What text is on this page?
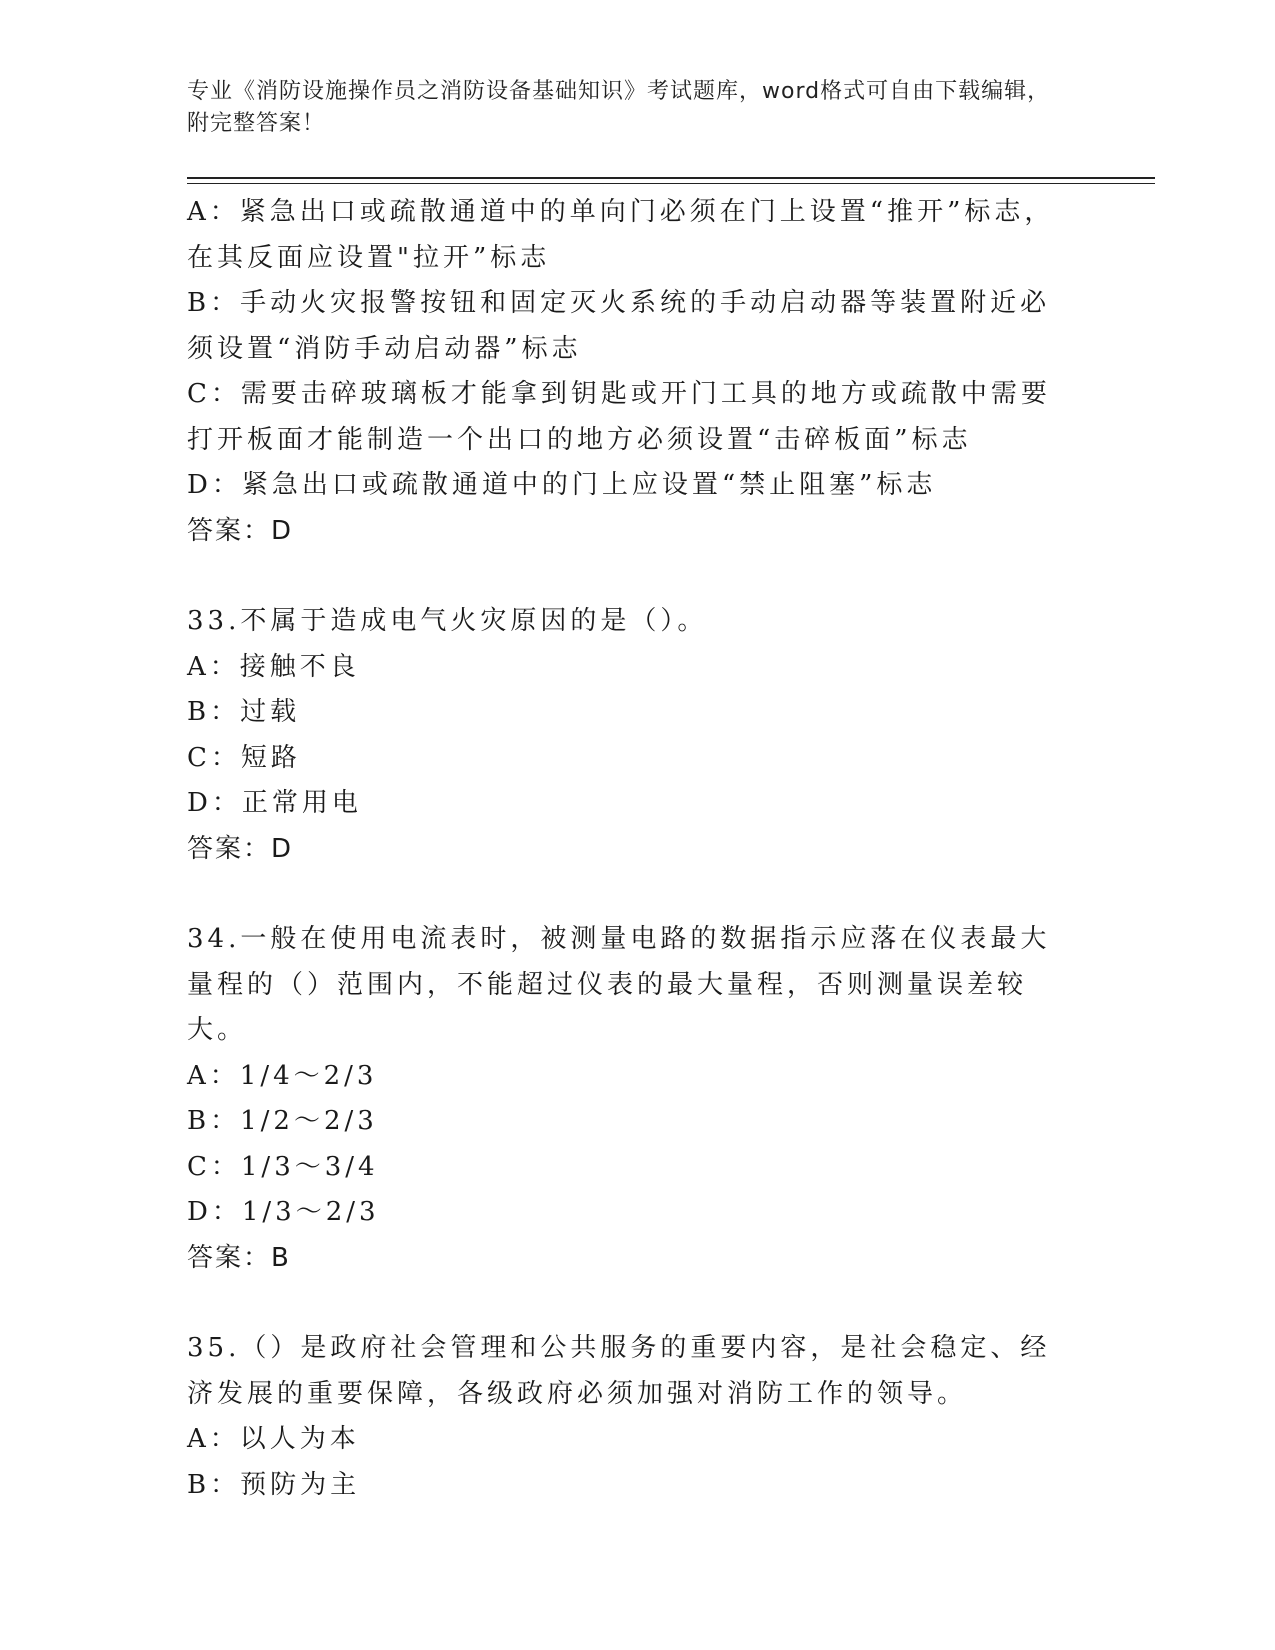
专业《消防设施操作员之消防设备基础知识》考试题库，word格式可自由下载编辑，附完整答案！

A：紧急出口或疏散通道中的单向门必须在门上设置“推开”标志，在其反面应设置"拉开”标志

B：手动火灾报警按钮和固定灭火系统的手动启动器等装置附近必须设置“消防手动启动器”标志

C：需要击碎玻璃板才能拿到钥匙或开门工具的地方或疏散中需要打开板面才能制造一个出口的地方必须设置“击碎板面”标志

D：紧急出口或疏散通道中的门上应设置“禁止阻塞”标志

答案：D

33.不属于造成电气火灾原因的是（）。

A：接触不良

B：过载

C：短路

D：正常用电

答案：D

34.一般在使用电流表时，被测量电路的数据指示应落在仪表最大量程的（）范围内，不能超过仪表的最大量程，否则测量误差较大。

A：1/4～2/3

B：1/2～2/3

C：1/3～3/4

D：1/3～2/3

答案：B

35.（）是政府社会管理和公共服务的重要内容，是社会稳定、经济发展的重要保障，各级政府必须加强对消防工作的领导。

A：以人为本

B：预防为主
